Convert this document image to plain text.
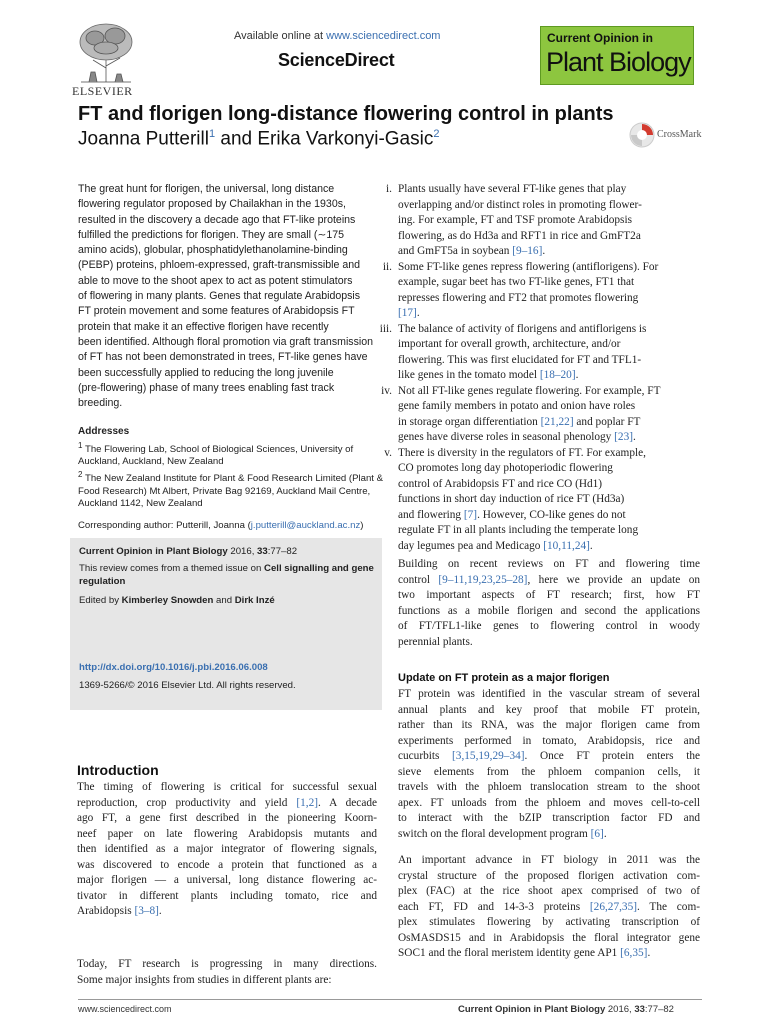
ELSEVIER
Available online at www.sciencedirect.com
ScienceDirect
Current Opinion in
Plant Biology
FT and florigen long-distance flowering control in plants
Joanna Putterill$^1$ and Erika Varkonyi-Gasic$^2$	CrossMark
The great hunt for florigen, the universal, long distance
flowering regulator proposed by Chailakhan in the 1930s,
resulted in the discovery a decade ago that FT-like proteins
fulfilled the predictions for florigen. They are small (∼175
amino acids), globular, phosphatidylethanolamine-binding
(PEBP) proteins, phloem-expressed, graft-transmissible and
able to move to the shoot apex to act as potent stimulators
of flowering in many plants. Genes that regulate Arabidopsis
FT protein movement and some features of Arabidopsis FT
protein that make it an effective florigen have recently
been identified. Although floral promotion via graft transmission
of FT has not been demonstrated in trees, FT-like genes have
been successfully applied to reducing the long juvenile
(pre-flowering) phase of many trees enabling fast track
breeding.
Addresses
$^1$ The Flowering Lab, School of Biological Sciences, University of
Auckland, Auckland, New Zealand
$^2$ The New Zealand Institute for Plant & Food Research Limited (Plant &
Food Research) Mt Albert, Private Bag 92169, Auckland Mail Centre,
Auckland 1142, New Zealand
Corresponding author: Putterill, Joanna (j.putterill@auckland.ac.nz)
Current Opinion in Plant Biology 2016, 33:77–82
This review comes from a themed issue on Cell signalling and gene
regulation
Edited by Kimberley Snowden and Dirk Inzé
http://dx.doi.org/10.1016/j.pbi.2016.06.008
1369-5266/© 2016 Elsevier Ltd. All rights reserved.
Introduction
The timing of flowering is critical for successful sexual
reproduction, crop productivity and yield [1,2]. A decade
ago FT, a gene first described in the pioneering Koorn-
neef paper on late flowering Arabidopsis mutants and
then identified as a major integrator of flowering signals,
was discovered to encode a protein that functioned as a
major florigen — a universal, long distance flowering ac-
tivator in different plants including tomato, rice and
Arabidopsis [3–8].
Today, FT research is progressing in many directions.
Some major insights from studies in different plants are:
i. Plants usually have several FT-like genes that play
overlapping and/or distinct roles in promoting flower-
ing. For example, FT and TSF promote Arabidopsis
flowering, as do Hd3a and RFT1 in rice and GmFT2a
and GmFT5a in soybean [9–16].
ii. Some FT-like genes repress flowering (antiflorigens). For
example, sugar beet has two FT-like genes, FT1 that
represses flowering and FT2 that promotes flowering
[17].
iii. The balance of activity of florigens and antiflorigens is
important for overall growth, architecture, and/or
flowering. This was first elucidated for FT and TFL1-
like genes in the tomato model [18–20].
iv. Not all FT-like genes regulate flowering. For example, FT
gene family members in potato and onion have roles
in storage organ differentiation [21,22] and poplar FT
genes have diverse roles in seasonal phenology [23].
v. There is diversity in the regulators of FT. For example,
CO promotes long day photoperiodic flowering
control of Arabidopsis FT and rice CO (Hd1)
functions in short day induction of rice FT (Hd3a)
and flowering [7]. However, CO-like genes do not
regulate FT in all plants including the temperate long
day legumes pea and Medicago [10,11,24].
Building on recent reviews on FT and flowering time
control [9–11,19,23,25–28], here we provide an update on
two important aspects of FT research; first, how FT
functions as a mobile florigen and second the applications
of FT/TFL1-like genes to flowering control in woody
perennial plants.
Update on FT protein as a major florigen
FT protein was identified in the vascular stream of several
annual plants and key proof that mobile FT protein,
rather than its RNA, was the major florigen came from
experiments performed in tomato, Arabidopsis, rice and
cucurbits [3,15,19,29–34]. Once FT protein enters the
sieve elements from the phloem companion cells, it
travels with the phloem translocation stream to the shoot
apex. FT unloads from the phloem and moves cell-to-cell
to interact with the bZIP transcription factor FD and
switch on the floral development program [6].
An important advance in FT biology in 2011 was the
crystal structure of the proposed florigen activation com-
plex (FAC) at the rice shoot apex comprised of two of
each FT, FD and 14-3-3 proteins [26,27,35]. The com-
plex stimulates flowering by activating transcription of
OsMASDS15 and in Arabidopsis the floral integrator gene
SOC1 and the floral meristem identity gene AP1 [6,35].
www.sciencedirect.com	Current Opinion in Plant Biology 2016, 33:77–82
